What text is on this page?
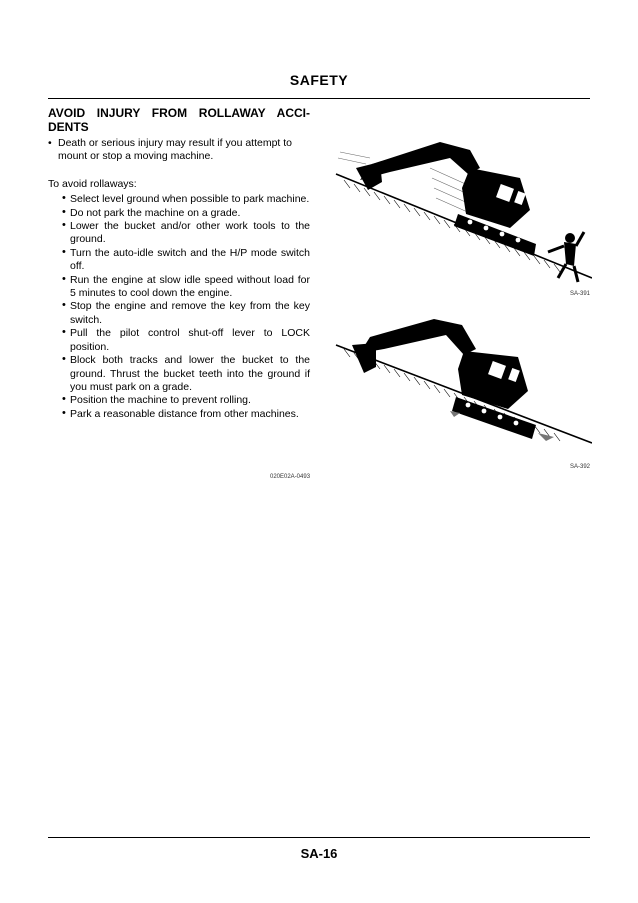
SAFETY
AVOID INJURY FROM ROLLAWAY ACCI-
DENTS
• Death or serious injury may result if you attempt to mount or stop a moving machine.
To avoid rollaways:
• Select level ground when possible to park machine.
• Do not park the machine on a grade.
• Lower the bucket and/or other work tools to the ground.
• Turn the auto-idle switch and the H/P mode switch off.
• Run the engine at slow idle speed without load for 5 minutes to cool down the engine.
• Stop the engine and remove the key from the key switch.
• Pull the pilot control shut-off lever to LOCK position.
• Block both tracks and lower the bucket to the ground. Thrust the bucket teeth into the ground if you must park on a grade.
• Position the machine to prevent rolling.
• Park a reasonable distance from other machines.
020E02A-0493
SA-391
SA-392
SA-16
